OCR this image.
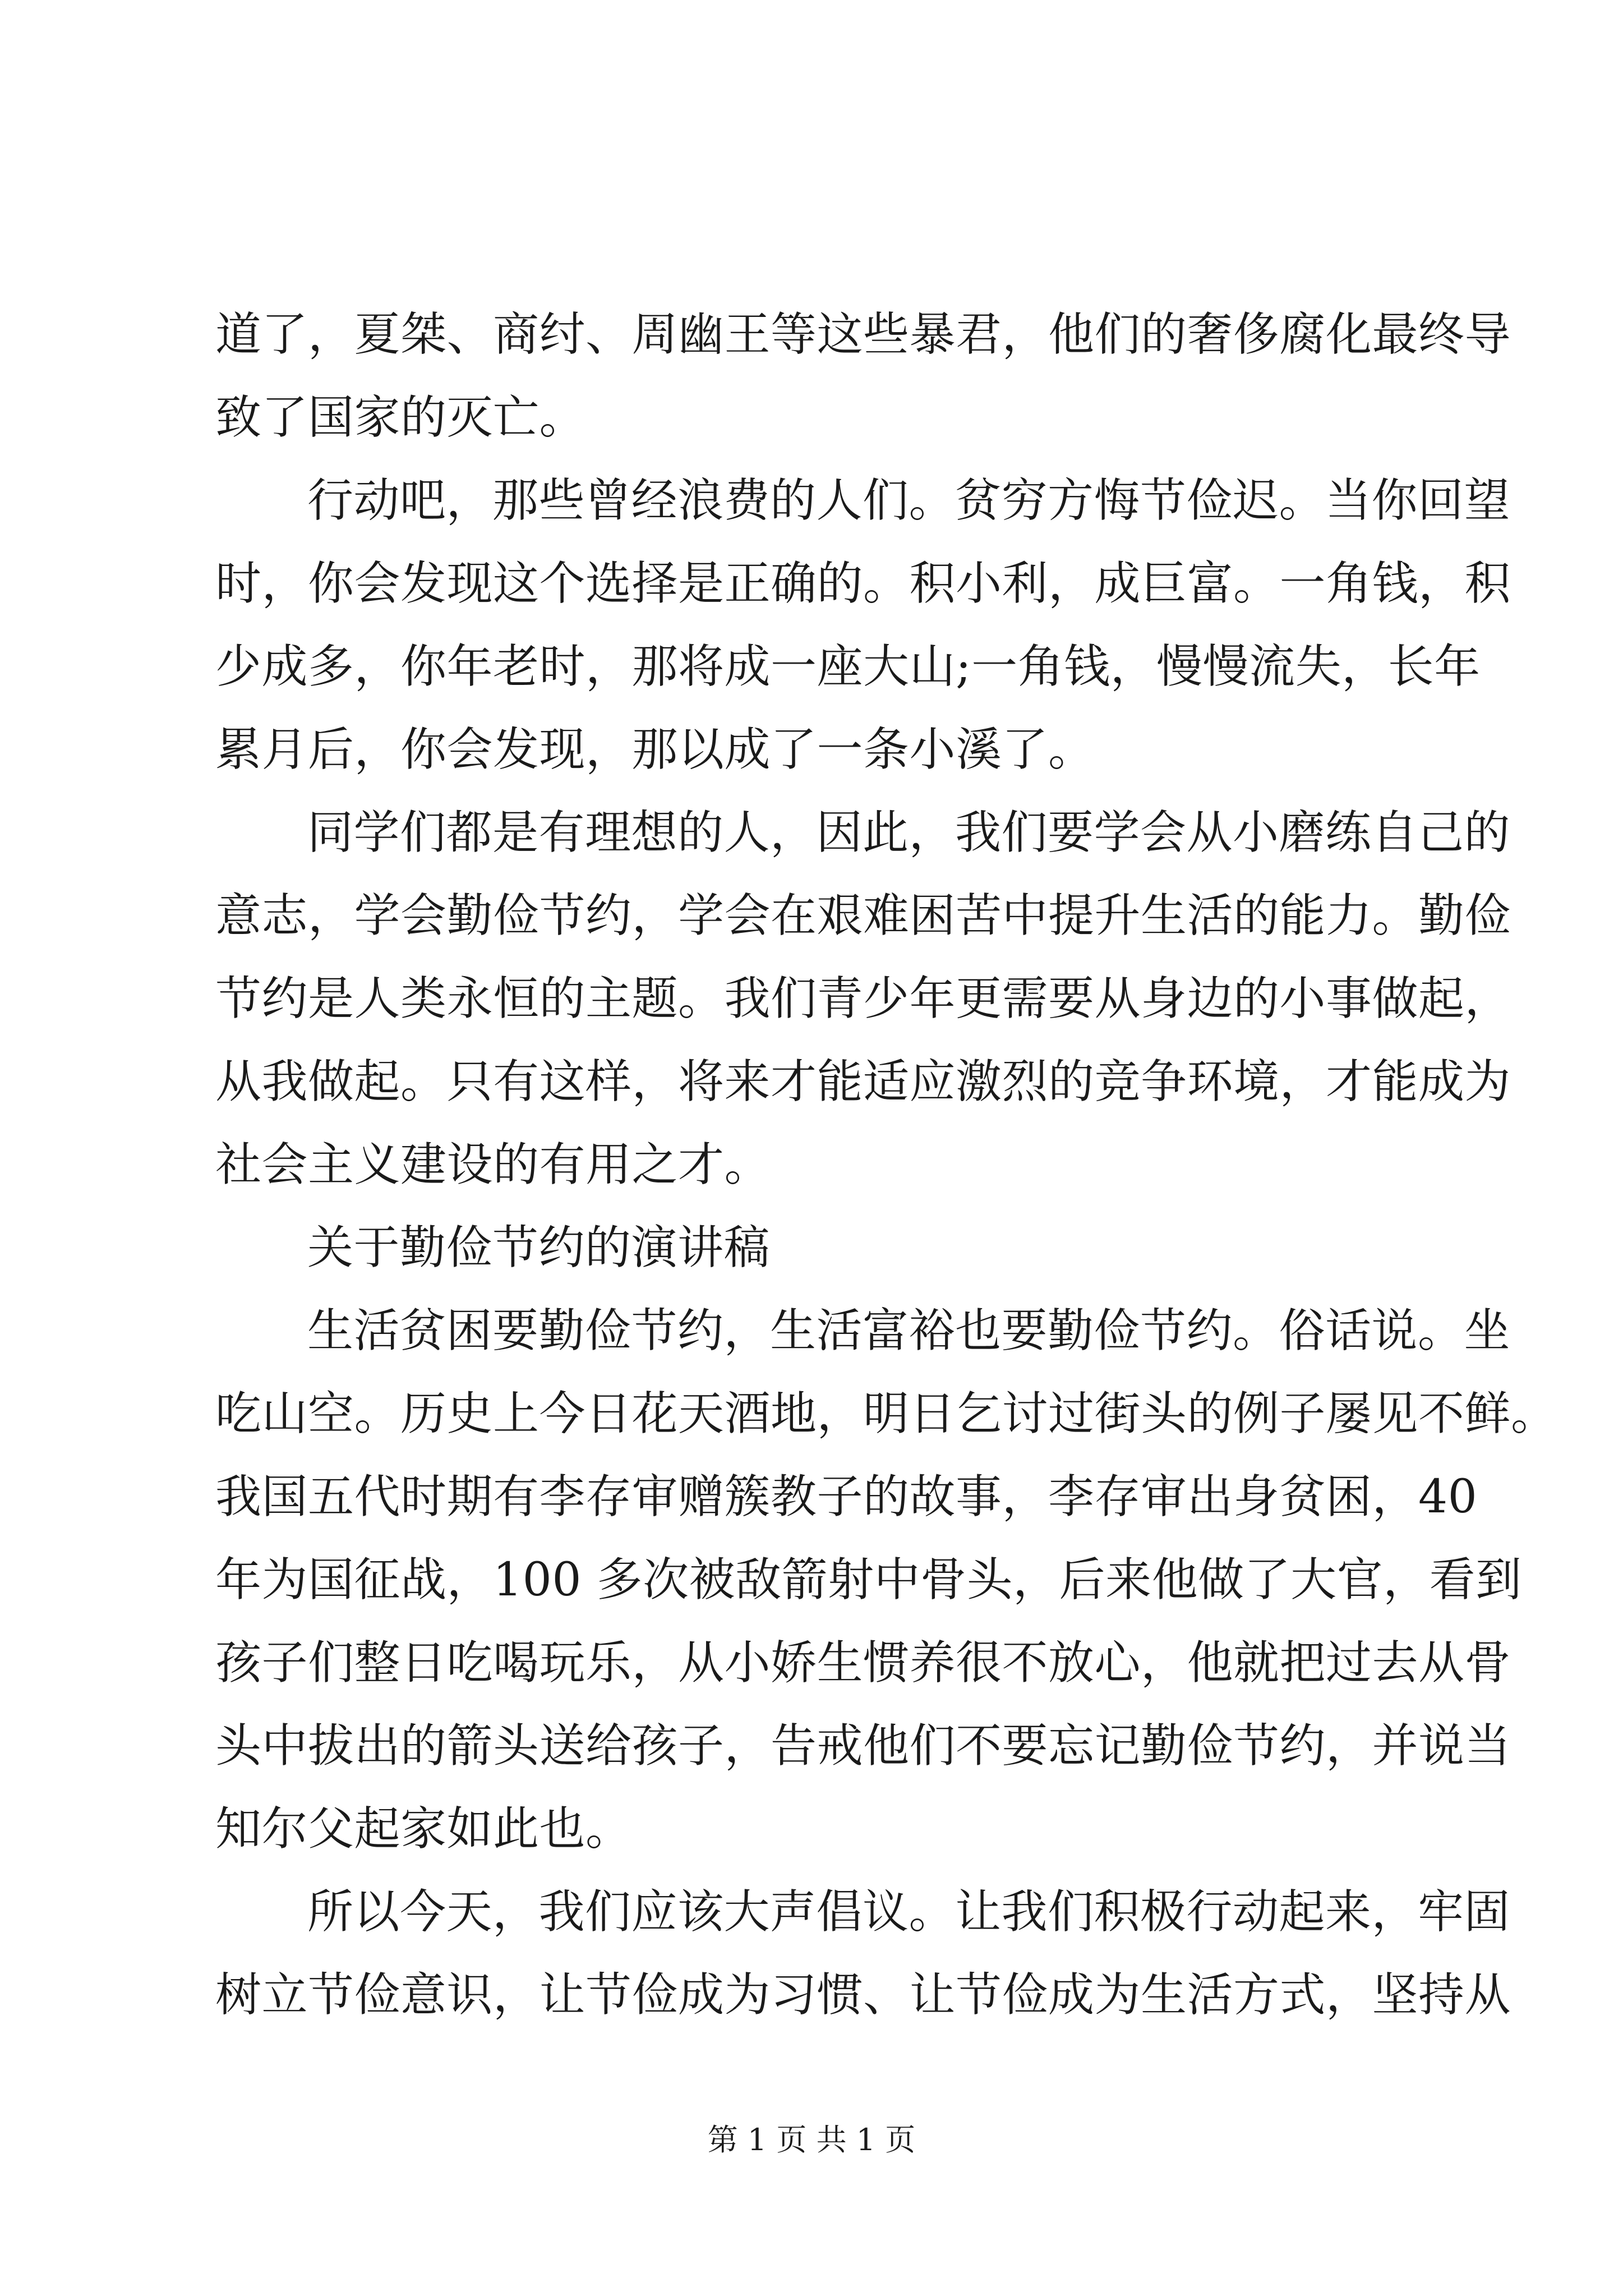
道了，夏桀、商纣、周幽王等这些暴君，他们的奢侈腐化最终导
致了国家的灭亡。
行动吧，那些曾经浪费的人们。贫穷方悔节俭迟。当你回望
时，你会发现这个选择是正确的。积小利，成巨富。一角钱，积
少成多，你年老时，那将成一座大山;一角钱，慢慢流失，长年
累月后，你会发现，那以成了一条小溪了。
同学们都是有理想的人，因此，我们要学会从小磨练自己的
意志，学会勤俭节约，学会在艰难困苦中提升生活的能力。勤俭
节约是人类永恒的主题。我们青少年更需要从身边的小事做起，
从我做起。只有这样，将来才能适应激烈的竞争环境，才能成为
社会主义建设的有用之才。
关于勤俭节约的演讲稿
生活贫困要勤俭节约，生活富裕也要勤俭节约。俗话说。坐
吃山空。历史上今日花天酒地，明日乞讨过街头的例子屡见不鲜。
我国五代时期有李存审赠簇教子的故事，李存审出身贫困，40
年为国征战，100 多次被敌箭射中骨头，后来他做了大官，看到
孩子们整日吃喝玩乐，从小娇生惯养很不放心，他就把过去从骨
头中拔出的箭头送给孩子，告戒他们不要忘记勤俭节约，并说当
知尔父起家如此也。
所以今天，我们应该大声倡议。让我们积极行动起来，牢固
树立节俭意识，让节俭成为习惯、让节俭成为生活方式，坚持从
第 1 页 共 1 页
